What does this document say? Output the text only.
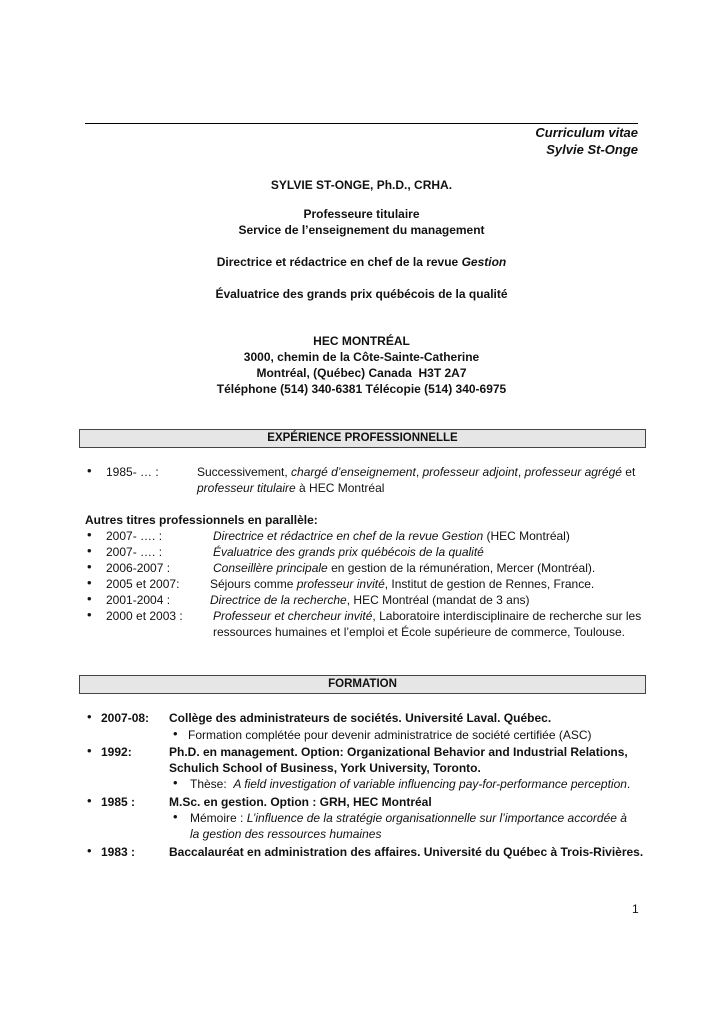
Curriculum vitae
Sylvie St-Onge
SYLVIE ST-ONGE, Ph.D., CRHA.
Professeure titulaire
Service de l’enseignement du management
Directrice et rédactrice en chef de la revue Gestion
Évaluatrice des grands prix québécois de la qualité
HEC MONTRÉAL
3000, chemin de la Côte-Sainte-Catherine
Montréal, (Québec) Canada  H3T 2A7
Téléphone (514) 340-6381 Télécopie (514) 340-6975
EXPÉRIENCE PROFESSIONNELLE
• 1985- … :	Successivement, chargé d’enseignement, professeur adjoint, professeur agrégé et
professeur titulaire à HEC Montréal
Autres titres professionnels en parallèle:
• 2007- …. :	Directrice et rédactrice en chef de la revue Gestion (HEC Montréal)
• 2007- …. :	Évaluatrice des grands prix québécois de la qualité
• 2006-2007 :	Conseillère principale en gestion de la rémunération, Mercer (Montréal).
• 2005 et 2007:	Séjours comme professeur invité, Institut de gestion de Rennes, France.
• 2001-2004 :	Directrice de la recherche, HEC Montréal (mandat de 3 ans)
• 2000 et 2003 :	Professeur et chercheur invité, Laboratoire interdisciplinaire de recherche sur les
ressources humaines et l’emploi et École supérieure de commerce, Toulouse.
FORMATION
• 2007-08: Collège des administrateurs de sociétés. Université Laval. Québec.
• Formation complétée pour devenir administratrice de société certifiée (ASC)
• 1992:	Ph.D. en management. Option: Organizational Behavior and Industrial Relations,
Schulich School of Business, York University, Toronto.
• Thèse:  A field investigation of variable influencing pay-for-performance perception.
• 1985 :	M.Sc. en gestion. Option : GRH, HEC Montréal
• Mémoire : L’influence de la stratégie organisationnelle sur l’importance accordée à
la gestion des ressources humaines
• 1983 :	Baccalauréat en administration des affaires. Université du Québec à Trois-Rivières.
1
